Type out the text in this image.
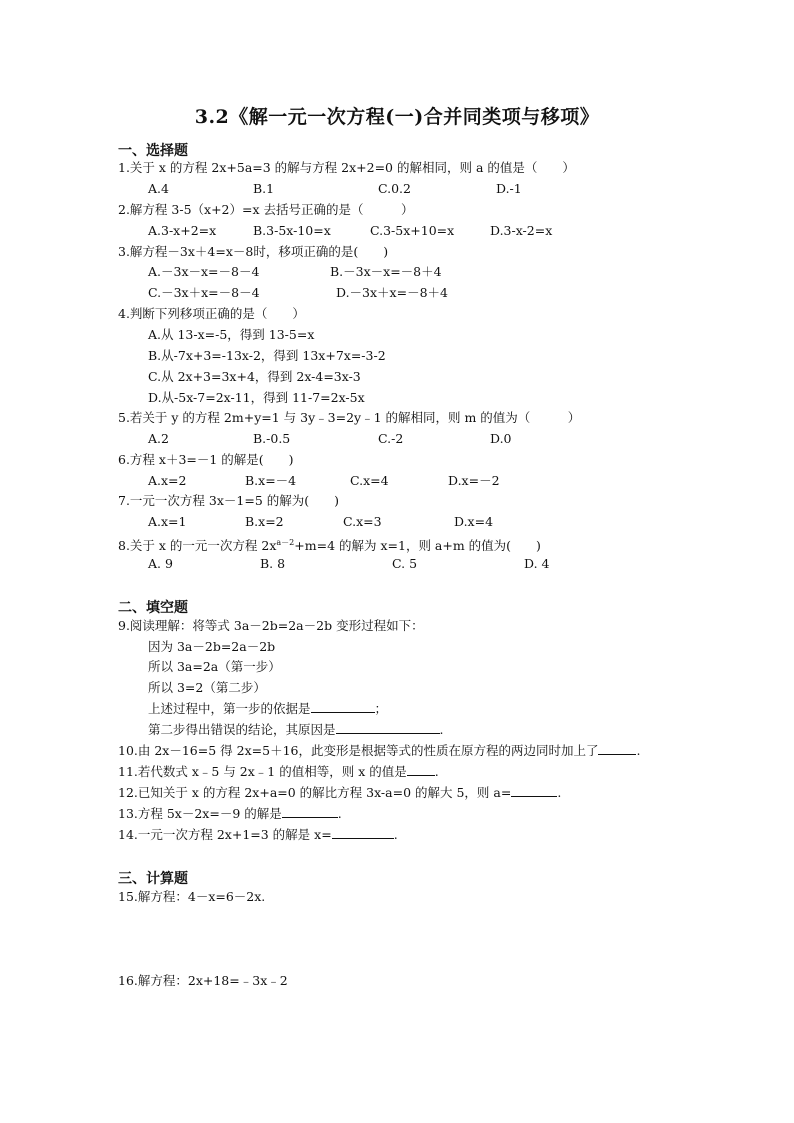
3.2《解一元一次方程(一)合并同类项与移项》
一、选择题
1.关于 x 的方程 2x+5a=3 的解与方程 2x+2=0 的解相同，则 a 的值是（　　）
A.4	B.1	C.0.2	D.-1
2.解方程 3-5（x+2）=x 去括号正确的是（　　　）
A.3-x+2=x	B.3-5x-10=x	C.3-5x+10=x	D.3-x-2=x
3.解方程－3x＋4=x－8时，移项正确的是(　　)
A.－3x－x=－8－4	B.－3x－x=－8＋4
C.－3x＋x=－8－4	D.－3x＋x=－8＋4
4.判断下列移项正确的是（　　）
A.从 13-x=-5，得到 13-5=x
B.从-7x+3=-13x-2，得到 13x+7x=-3-2
C.从 2x+3=3x+4，得到 2x-4=3x-3
D.从-5x-7=2x-11，得到 11-7=2x-5x
5.若关于 y 的方程 2m+y=1 与 3y﹣3=2y﹣1 的解相同，则 m 的值为（　　　）
A.2	B.-0.5	C.-2	D.0
6.方程 x＋3=－1 的解是(　　)
A.x=2	B.x=－4	C.x=4	D.x=－2
7.一元一次方程 3x－1=5 的解为(　　)
A.x=1	B.x=2	C.x=3	D.x=4
8.关于 x 的一元一次方程 $2x^{a-2}+m=4$ 的解为 x=1，则 a+m 的值为(　　)
A. 9	B. 8	C. 5	D. 4
二、填空题
9.阅读理解：将等式 3a－2b=2a－2b 变形过程如下：
因为 3a－2b=2a－2b
所以 3a=2a（第一步）
所以 3=2（第二步）
上述过程中，第一步的依据是	；
第二步得出错误的结论，其原因是	.
10.由 2x－16=5 得 2x=5＋16，此变形是根据等式的性质在原方程的两边同时加上了	.
11.若代数式 x﹣5 与 2x﹣1 的值相等，则 x 的值是 .
12.已知关于 x 的方程 2x+a=0 的解比方程 3x-a=0 的解大 5，则 a=	.
13.方程 5x－2x=－9 的解是	.
14.一元一次方程 2x+1=3 的解是 x=	.
三、计算题
15.解方程：4－x=6－2x.
16.解方程：2x+18=﹣3x﹣2
